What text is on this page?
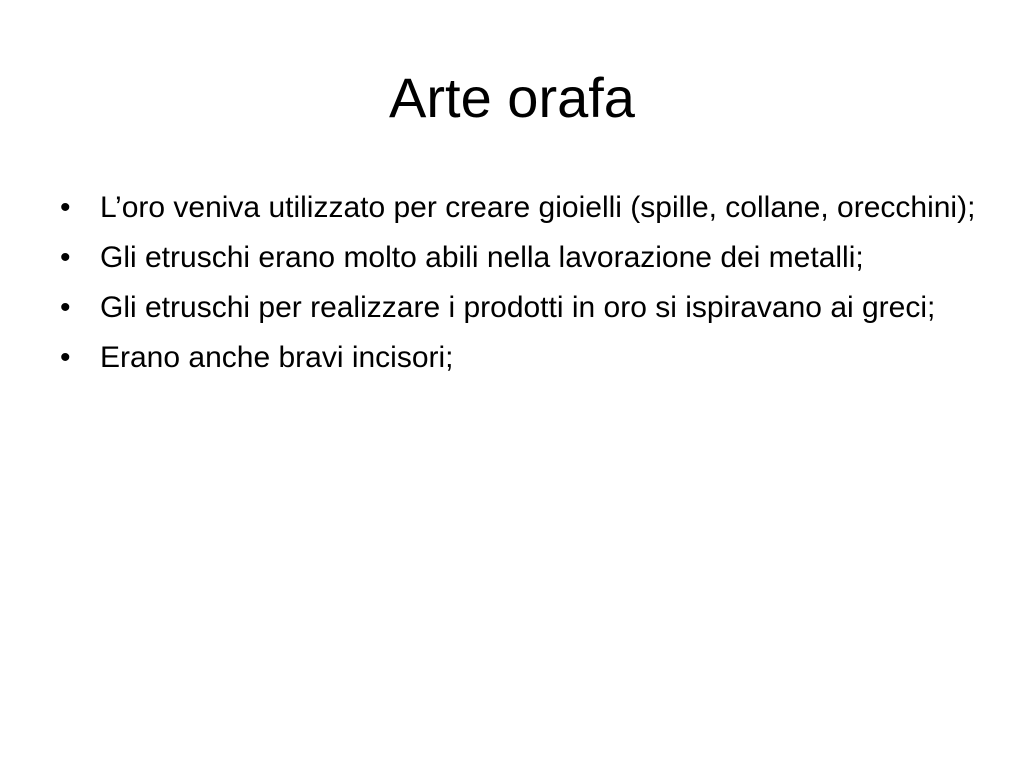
Arte orafa
• L’oro veniva utilizzato per creare gioielli (spille, collane, orecchini);
• Gli etruschi erano molto abili nella lavorazione dei metalli;
• Gli etruschi per realizzare i prodotti in oro si ispiravano ai greci;
• Erano anche bravi incisori;
